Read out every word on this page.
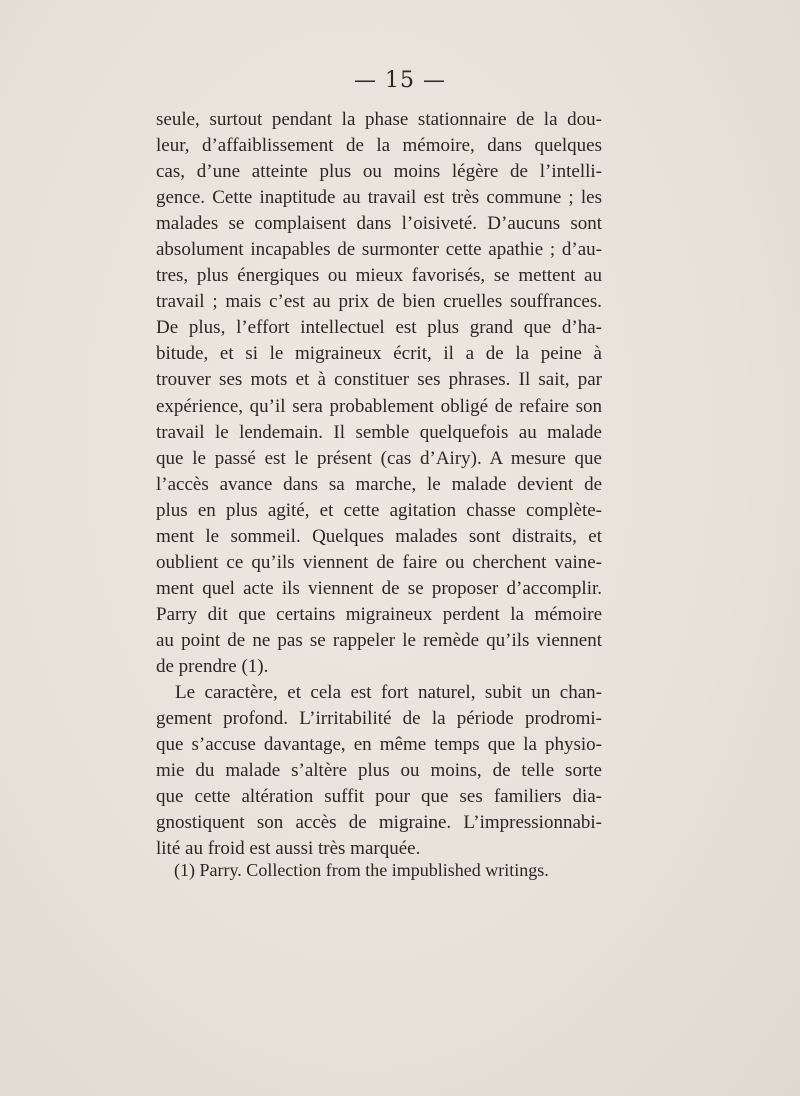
— 15 —
seule, surtout pendant la phase stationnaire de la dou-
leur, d’affaiblissement de la mémoire, dans quelques
cas, d’une atteinte plus ou moins légère de l’intelli-
gence. Cette inaptitude au travail est très commune ; les
malades se complaisent dans l’oisiveté. D’aucuns sont
absolument incapables de surmonter cette apathie ; d’au-
tres, plus énergiques ou mieux favorisés, se mettent au
travail ; mais c’est au prix de bien cruelles souffrances.
De plus, l’effort intellectuel est plus grand que d’ha-
bitude, et si le migraineux écrit, il a de la peine à
trouver ses mots et à constituer ses phrases. Il sait, par
expérience, qu’il sera probablement obligé de refaire son
travail le lendemain. Il semble quelquefois au malade
que le passé est le présent (cas d’Airy). A mesure que
l’accès avance dans sa marche, le malade devient de
plus en plus agité, et cette agitation chasse complète-
ment le sommeil. Quelques malades sont distraits, et
oublient ce qu’ils viennent de faire ou cherchent vaine-
ment quel acte ils viennent de se proposer d’accomplir.
Parry dit que certains migraineux perdent la mémoire
au point de ne pas se rappeler le remède qu’ils viennent
de prendre (1).
Le caractère, et cela est fort naturel, subit un chan-
gement profond. L’irritabilité de la période prodromi-
que s’accuse davantage, en même temps que la physio-
mie du malade s’altère plus ou moins, de telle sorte
que cette altération suffit pour que ses familiers dia-
gnostiquent son accès de migraine. L’impressionnabi-
lité au froid est aussi très marquée.
(1) Parry. Collection from the impublished writings.
